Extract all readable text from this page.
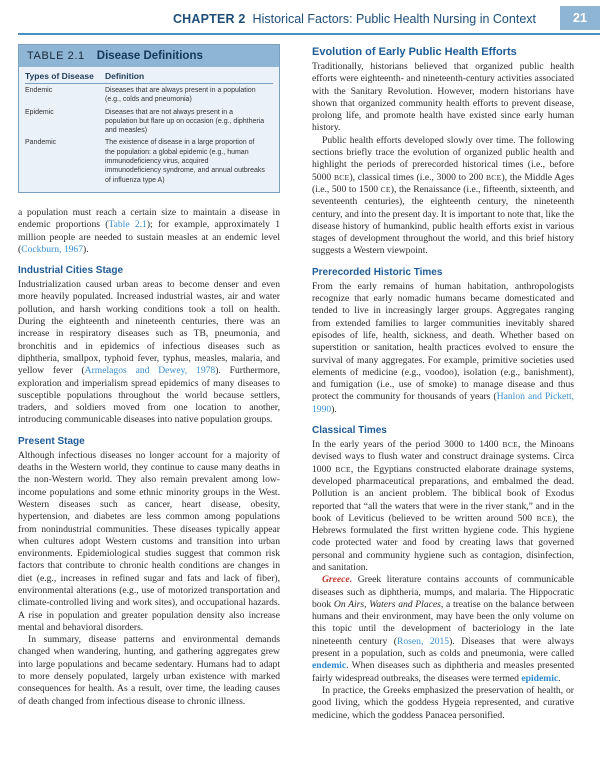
CHAPTER 2 Historical Factors: Public Health Nursing in Context	21
TABLE 2.1 Disease Definitions
Types of Disease	Definition
Endemic	Diseases that are always present in a population (e.g., colds and pneumonia)
Epidemic	Diseases that are not always present in a population but flare up on occasion (e.g., diphtheria and measles)
Pandemic	The existence of disease in a large proportion of the population: a global epidemic (e.g., human immunodeficiency virus, acquired immunodeficiency syndrome, and annual outbreaks of influenza type A)

a population must reach a certain size to maintain a disease in endemic proportions (Table 2.1); for example, approximately 1 million people are needed to sustain measles at an endemic level (Cockburn, 1967).

Industrial Cities Stage

Industrialization caused urban areas to become denser and even more heavily populated. Increased industrial wastes, air and water pollution, and harsh working conditions took a toll on health. During the eighteenth and nineteenth centuries, there was an increase in respiratory diseases such as TB, pneumonia, and bronchitis and in epidemics of infectious diseases such as diphtheria, smallpox, typhoid fever, typhus, measles, malaria, and yellow fever (Armelagos and Dewey, 1978). Furthermore, exploration and imperialism spread epidemics of many diseases to susceptible populations throughout the world because settlers, traders, and soldiers moved from one location to another, introducing communicable diseases into native population groups.

Present Stage

Although infectious diseases no longer account for a majority of deaths in the Western world, they continue to cause many deaths in the non-Western world. They also remain prevalent among low-income populations and some ethnic minority groups in the West. Western diseases such as cancer, heart disease, obesity, hypertension, and diabetes are less common among populations from nonindustrial communities. These diseases typically appear when cultures adopt Western customs and transition into urban environments. Epidemiological studies suggest that common risk factors that contribute to chronic health conditions are changes in diet (e.g., increases in refined sugar and fats and lack of fiber), environmental alterations (e.g., use of motorized transportation and climate-controlled living and work sites), and occupational hazards. A rise in population and greater population density also increase mental and behavioral disorders.

In summary, disease patterns and environmental demands changed when wandering, hunting, and gathering aggregates grew into large populations and became sedentary. Humans had to adapt to more densely populated, largely urban existence with marked consequences for health. As a result, over time, the leading causes of death changed from infectious disease to chronic illness.

Evolution of Early Public Health Efforts

Traditionally, historians believed that organized public health efforts were eighteenth- and nineteenth-century activities associated with the Sanitary Revolution. However, modern historians have shown that organized community health efforts to prevent disease, prolong life, and promote health have existed since early human history.

Public health efforts developed slowly over time. The following sections briefly trace the evolution of organized public health and highlight the periods of prerecorded historical times (i.e., before 5000 BCE), classical times (i.e., 3000 to 200 BCE), the Middle Ages (i.e., 500 to 1500 CE), the Renaissance (i.e., fifteenth, sixteenth, and seventeenth centuries), the eighteenth century, the nineteenth century, and into the present day. It is important to note that, like the disease history of humankind, public health efforts exist in various stages of development throughout the world, and this brief history suggests a Western viewpoint.

Prerecorded Historic Times

From the early remains of human habitation, anthropologists recognize that early nomadic humans became domesticated and tended to live in increasingly larger groups. Aggregates ranging from extended families to larger communities inevitably shared episodes of life, health, sickness, and death. Whether based on superstition or sanitation, health practices evolved to ensure the survival of many aggregates. For example, primitive societies used elements of medicine (e.g., voodoo), isolation (e.g., banishment), and fumigation (i.e., use of smoke) to manage disease and thus protect the community for thousands of years (Hanlon and Pickett, 1990).

Classical Times

In the early years of the period 3000 to 1400 BCE, the Minoans devised ways to flush water and construct drainage systems. Circa 1000 BCE, the Egyptians constructed elaborate drainage systems, developed pharmaceutical preparations, and embalmed the dead. Pollution is an ancient problem. The biblical book of Exodus reported that “all the waters that were in the river stank,” and in the book of Leviticus (believed to be written around 500 BCE), the Hebrews formulated the first written hygiene code. This hygiene code protected water and food by creating laws that governed personal and community hygiene such as contagion, disinfection, and sanitation.

Greece. Greek literature contains accounts of communicable diseases such as diphtheria, mumps, and malaria. The Hippocratic book On Airs, Waters and Places, a treatise on the balance between humans and their environment, may have been the only volume on this topic until the development of bacteriology in the late nineteenth century (Rosen, 2015). Diseases that were always present in a population, such as colds and pneumonia, were called endemic. When diseases such as diphtheria and measles presented fairly widespread outbreaks, the diseases were termed epidemic.

In practice, the Greeks emphasized the preservation of health, or good living, which the goddess Hygeia represented, and curative medicine, which the goddess Panacea personified.
